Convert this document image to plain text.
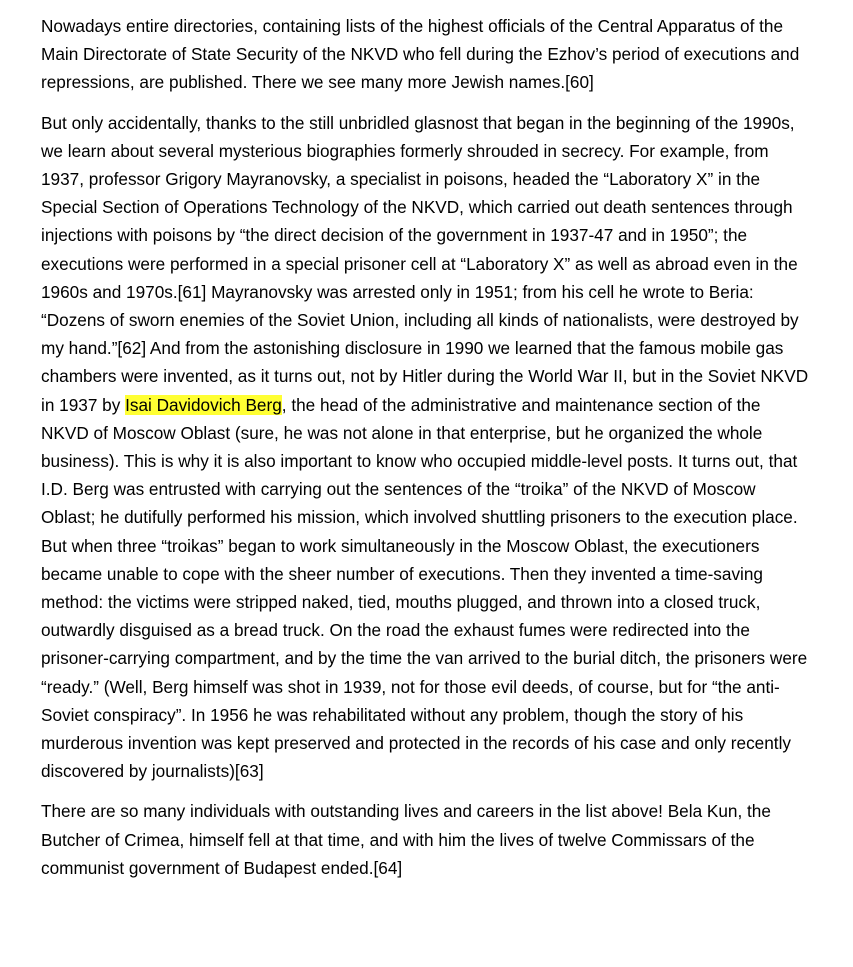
Nowadays entire directories, containing lists of the highest officials of the Central Apparatus of the Main Directorate of State Security of the NKVD who fell during the Ezhov’s period of executions and repressions, are published. There we see many more Jewish names.[60]

But only accidentally, thanks to the still unbridled glasnost that began in the beginning of the 1990s, we learn about several mysterious biographies formerly shrouded in secrecy. For example, from 1937, professor Grigory Mayranovsky, a specialist in poisons, headed the “Laboratory X” in the Special Section of Operations Technology of the NKVD, which carried out death sentences through injections with poisons by “the direct decision of the government in 1937-47 and in 1950”; the executions were performed in a special prisoner cell at “Laboratory X” as well as abroad even in the 1960s and 1970s.[61] Mayranovsky was arrested only in 1951; from his cell he wrote to Beria: “Dozens of sworn enemies of the Soviet Union, including all kinds of nationalists, were destroyed by my hand.”[62] And from the astonishing disclosure in 1990 we learned that the famous mobile gas chambers were invented, as it turns out, not by Hitler during the World War II, but in the Soviet NKVD in 1937 by Isai Davidovich Berg, the head of the administrative and maintenance section of the NKVD of Moscow Oblast (sure, he was not alone in that enterprise, but he organized the whole business). This is why it is also important to know who occupied middle-level posts. It turns out, that I.D. Berg was entrusted with carrying out the sentences of the “troika” of the NKVD of Moscow Oblast; he dutifully performed his mission, which involved shuttling prisoners to the execution place. But when three “troikas” began to work simultaneously in the Moscow Oblast, the executioners became unable to cope with the sheer number of executions. Then they invented a time-saving method: the victims were stripped naked, tied, mouths plugged, and thrown into a closed truck, outwardly disguised as a bread truck. On the road the exhaust fumes were redirected into the prisoner-carrying compartment, and by the time the van arrived to the burial ditch, the prisoners were “ready.” (Well, Berg himself was shot in 1939, not for those evil deeds, of course, but for “the anti-Soviet conspiracy”. In 1956 he was rehabilitated without any problem, though the story of his murderous invention was kept preserved and protected in the records of his case and only recently discovered by journalists)[63]

There are so many individuals with outstanding lives and careers in the list above! Bela Kun, the Butcher of Crimea, himself fell at that time, and with him the lives of twelve Commissars of the communist government of Budapest ended.[64]
